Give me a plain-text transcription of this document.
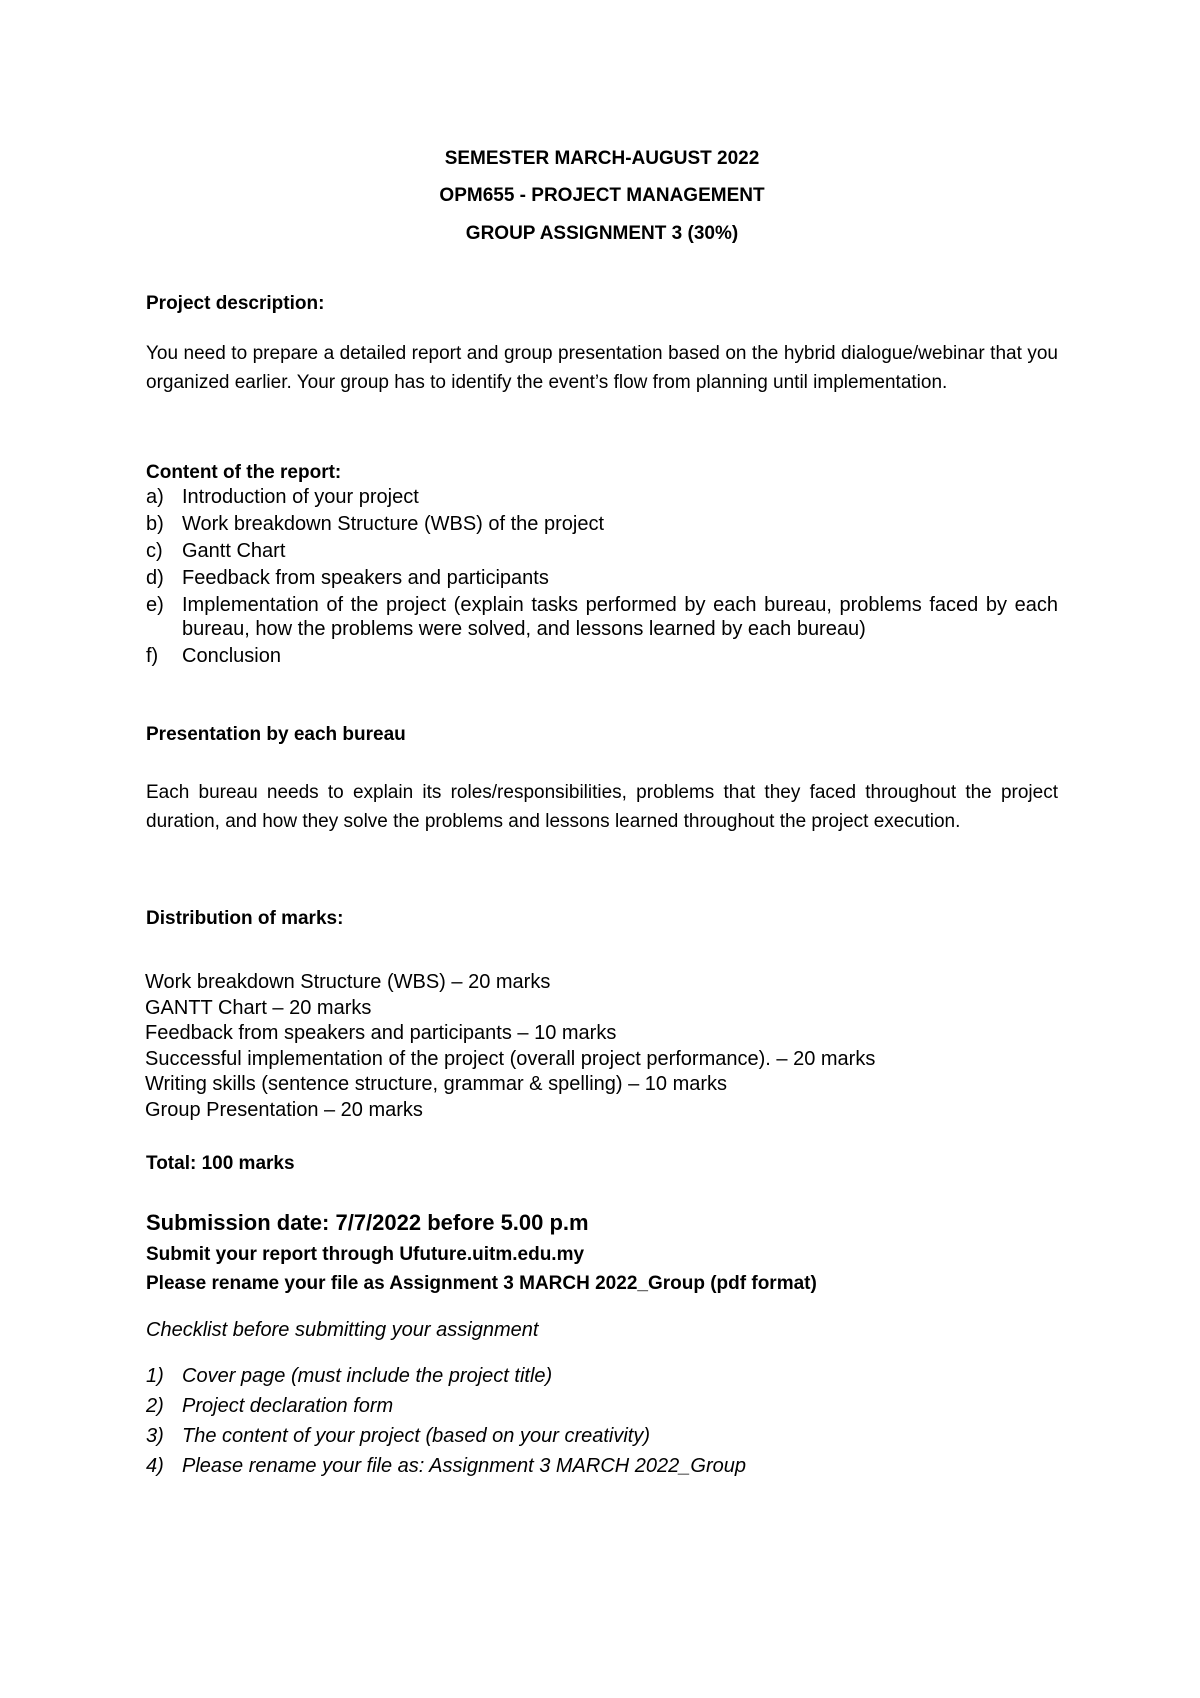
SEMESTER MARCH-AUGUST 2022

OPM655 - PROJECT MANAGEMENT

GROUP ASSIGNMENT 3 (30%)

Project description:

You need to prepare a detailed report and group presentation based on the hybrid dialogue/webinar that you organized earlier. Your group has to identify the event’s flow from planning until implementation.

Content of the report:

a) Introduction of your project
b) Work breakdown Structure (WBS) of the project
c) Gantt Chart
d) Feedback from speakers and participants
e) Implementation of the project (explain tasks performed by each bureau, problems faced by each bureau, how the problems were solved, and lessons learned by each bureau)
f) Conclusion

Presentation by each bureau

Each bureau needs to explain its roles/responsibilities, problems that they faced throughout the project duration, and how they solve the problems and lessons learned throughout the project execution.

Distribution of marks:

Work breakdown Structure (WBS) – 20 marks
GANTT Chart – 20 marks
Feedback from speakers and participants – 10 marks
Successful implementation of the project (overall project performance). – 20 marks
Writing skills (sentence structure, grammar & spelling) – 10 marks
Group Presentation – 20 marks

Total: 100 marks

Submission date: 7/7/2022 before 5.00 p.m

Submit your report through Ufuture.uitm.edu.my

Please rename your file as Assignment 3 MARCH 2022_Group (pdf format)

Checklist before submitting your assignment

1) Cover page (must include the project title)
2) Project declaration form
3) The content of your project (based on your creativity)
4) Please rename your file as: Assignment 3 MARCH 2022_Group
